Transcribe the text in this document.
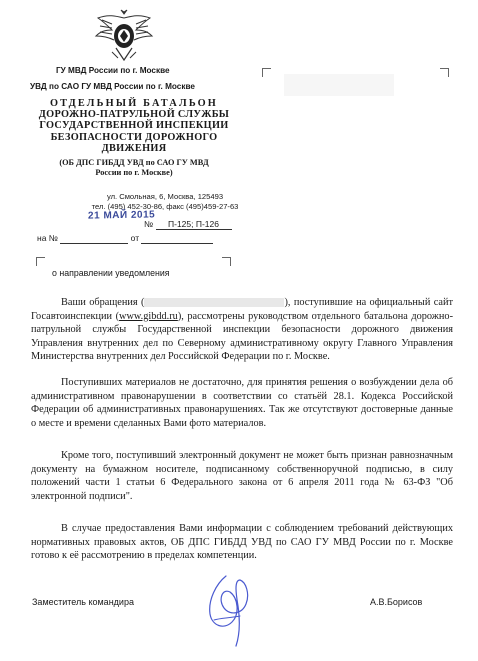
ГУ МВД России по г. Москве
УВД по САО ГУ МВД России по г. Москве
ОТДЕЛЬНЫЙ БАТАЛЬОН
ДОРОЖНО-ПАТРУЛЬНОЙ СЛУЖБЫ
ГОСУДАРСТВЕННОЙ ИНСПЕКЦИИ
БЕЗОПАСНОСТИ ДОРОЖНОГО
ДВИЖЕНИЯ
(ОБ ДПС ГИБДД УВД по САО ГУ МВД
России по г. Москве)
ул. Смольная, 6, Москва, 125493
тел. (495) 452-30-86, факс (495)459-27-63
21 МАЙ 2015
№ П-125; П-126
на №	от
о направлении уведомления
Ваши обращения (	), поступившие на официальный сайт Госавтоинспекции (www.gibdd.ru), рассмотрены руководством отдельного батальона дорожно-патрульной службы Государственной инспекции безопасности дорожного движения Управления внутренних дел по Северному административному округу Главного Управления Министерства внутренних дел Российской Федерации по г. Москве.
Поступивших материалов не достаточно, для принятия решения о возбуждении дела об административном правонарушении в соответствии со статьёй 28.1. Кодекса Российской Федерации об административных правонарушениях. Так же отсутствуют достоверные данные о месте и времени сделанных Вами фото материалов.
Кроме того, поступивший электронный документ не может быть признан равнозначным документу на бумажном носителе, подписанному собственноручной подписью, в силу положений части 1 статьи 6 Федерального закона от 6 апреля 2011 года № 63-ФЗ "Об электронной подписи".
В случае предоставления Вами информации с соблюдением требований действующих нормативных правовых актов, ОБ ДПС ГИБДД УВД по САО ГУ МВД России по г. Москве готово к её рассмотрению в пределах компетенции.
Заместитель командира	А.В.Борисов
